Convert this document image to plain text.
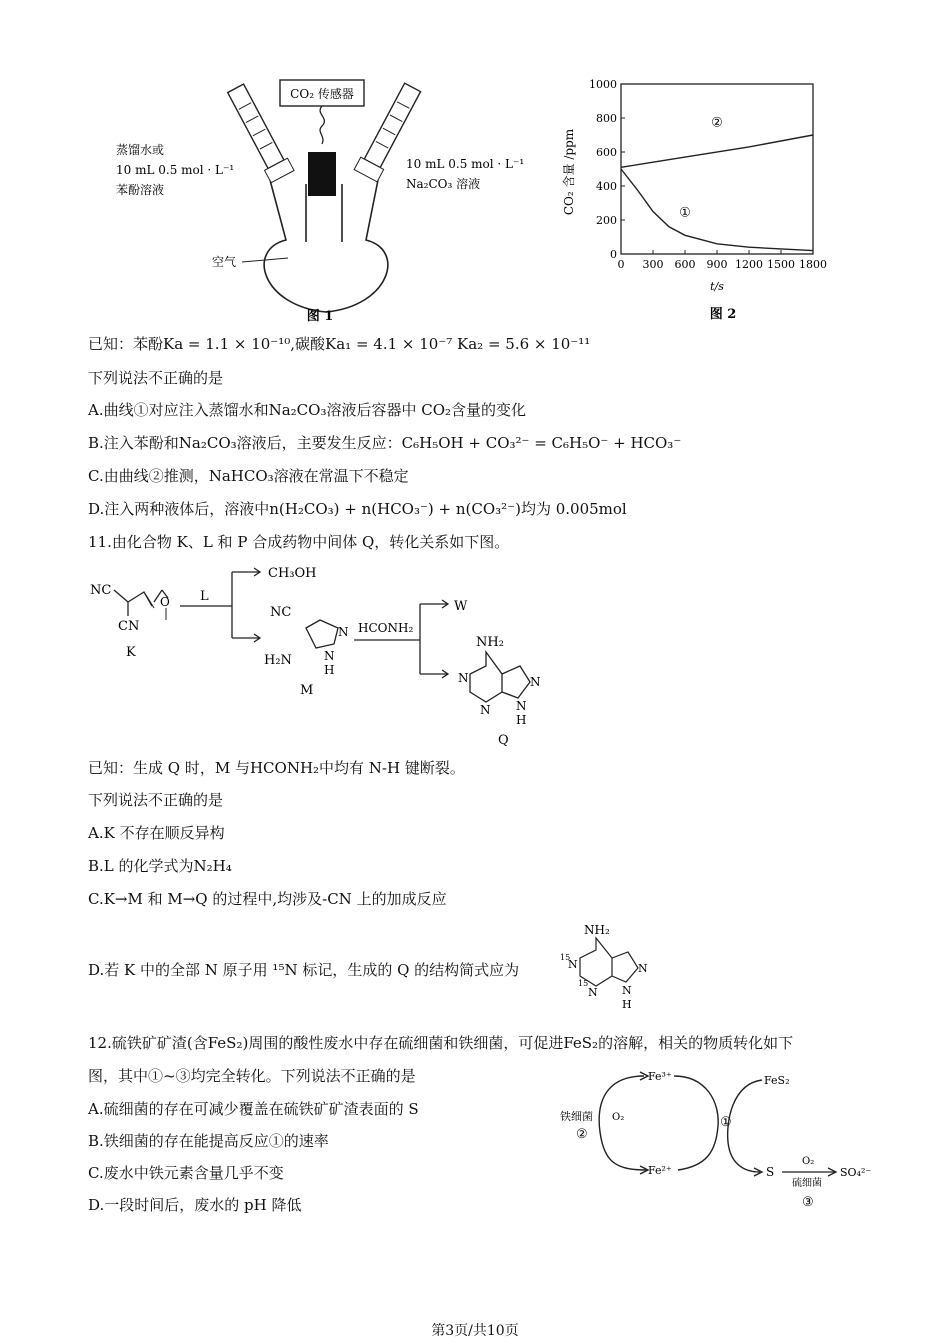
CO₂ 传感器
蒸馏水或
10 mL 0.5 mol · L⁻¹
苯酚溶液
10 mL 0.5 mol · L⁻¹
Na₂CO₃ 溶液
空气
图 1
CO₂ 含量 /ppm
t/s
图 2
0
200
400
600
800
1000
0 300 600 900 1200 1500 1800
①
②
已知：苯酚Ka = 1.1 × 10⁻¹⁰,碳酸Ka₁ = 4.1 × 10⁻⁷ Ka₂ = 5.6 × 10⁻¹¹
下列说法不正确的是
A.曲线①对应注入蒸馏水和Na₂CO₃溶液后容器中 CO₂含量的变化
B.注入苯酚和Na₂CO₃溶液后，主要发生反应：C₆H₅OH + CO₃²⁻ = C₆H₅O⁻ + HCO₃⁻
C.由曲线②推测，NaHCO₃溶液在常温下不稳定
D.注入两种液体后，溶液中n(H₂CO₃) + n(HCO₃⁻) + n(CO₃²⁻)均为 0.005mol
11.由化合物 K、L 和 P 合成药物中间体 Q，转化关系如下图。
NC
O
CN
K
L
CH₃OH
NC
N
N
H
H₂N
M
HCONH₂
W
NH₂
N
N
N
N
H
Q
已知：生成 Q 时，M 与HCONH₂中均有 N-H 键断裂。
下列说法不正确的是
A.K 不存在顺反异构
B.L 的化学式为N₂H₄
C.K→M 和 M→Q 的过程中,均涉及-CN 上的加成反应
D.若 K 中的全部 N 原子用 ¹⁵N 标记，生成的 Q 的结构简式应为
NH₂
15
N
15
N
N
N
H
12.硫铁矿矿渣(含FeS₂)周围的酸性废水中存在硫细菌和铁细菌，可促进FeS₂的溶解，相关的物质转化如下
图，其中①~③均完全转化。下列说法不正确的是
A.硫细菌的存在可减少覆盖在硫铁矿矿渣表面的 S
B.铁细菌的存在能提高反应①的速率
C.废水中铁元素含量几乎不变
D.一段时间后，废水的 pH 降低
Fe³⁺
Fe²⁺
FeS₂
铁细菌 O₂
②
①
S
O₂
硫细菌
SO₄²⁻
③
第3页/共10页
